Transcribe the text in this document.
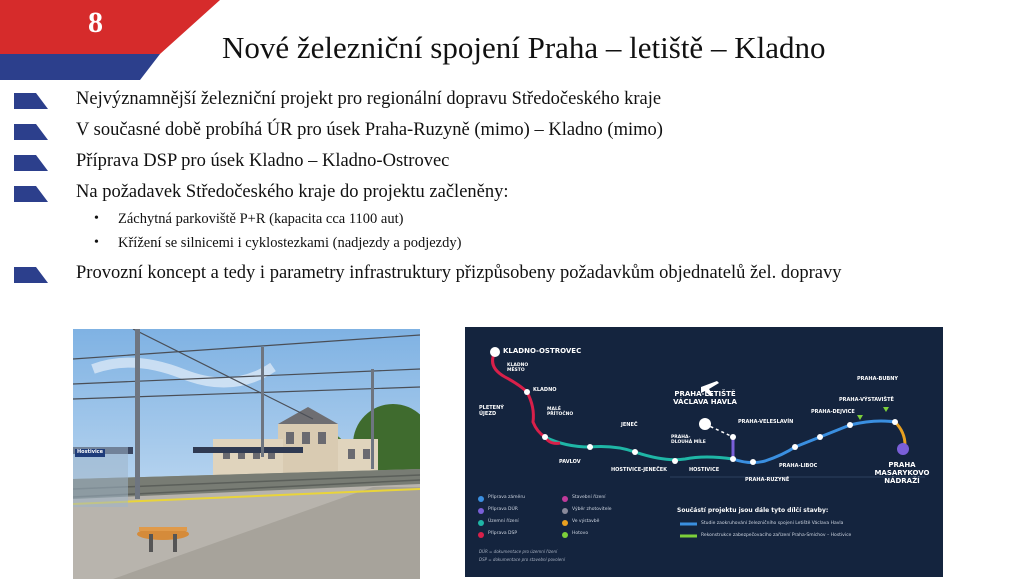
8
Nové železniční spojení Praha – letiště – Kladno
Nejvýznamnější železniční projekt pro regionální dopravu Středočeského kraje
V současné době probíhá ÚR pro úsek Praha-Ruzyně (mimo) – Kladno (mimo)
Příprava DSP pro úsek Kladno – Kladno-Ostrovec
Na požadavek Středočeského kraje do projektu začleněny:
• Záchytná parkoviště P+R (kapacita cca 1100 aut)
• Křížení se silnicemi i cyklostezkami (nadjezdy a podjezdy)
Provozní koncept a tedy i parametry infrastruktury přizpůsobeny požadavkům objednatelů žel. dopravy
Hostivice
KLADNO-OSTROVEC
KLADNO MĚSTO
KLADNO
PLETENÝ ÚJEZD
MALÉ PŘÍTOČNO
PAVLOV
JENEČ
HOSTIVICE-JENEČEK	HOSTIVICE
PRAHA-LETIŠTĚ VÁCLAVA HAVLA
PRAHA-DLOUHÁ MÍLE
PRAHA-RUZYNĚ
PRAHA-VELESLAVÍN
PRAHA-LIBOC
PRAHA-DEJVICE
PRAHA-VÝSTAVIŠTĚ
PRAHA-BUBNY
PRAHA MASARYKOVO NÁDRAŽÍ
Příprava záměru	Stavební řízení
Příprava DÚR	Výběr zhotovitele
Územní řízení	Ve výstavbě
Příprava DSP	Hotovo
DÚR = dokumentace pro územní řízení
DSP = dokumentace pro stavební povolení
Součástí projektu jsou dále tyto dílčí stavby:
Studie zaokruhování železničního spojení Letiště Václava Havla
Rekonstrukce zabezpečovacího zařízení Praha-Smíchov – Hostivice
